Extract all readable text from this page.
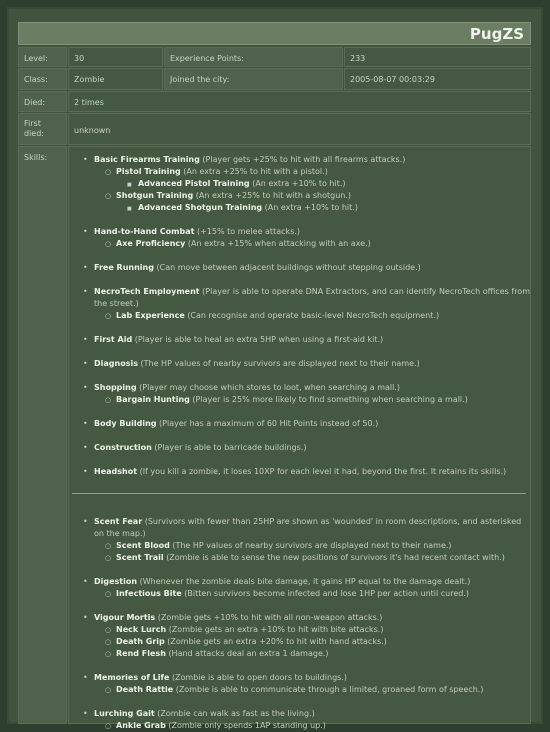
PugZS
Level:	30	Experience Points:	233
Class:	Zombie	Joined the city:	2005-08-07 00:03:29
Died:	2 times
First died:	unknown
Skills:
•	Basic Firearms Training (Player gets +25% to hit with all firearms attacks.)
○ Pistol Training (An extra +25% to hit with a pistol.)
■ Advanced Pistol Training (An extra +10% to hit.)
○ Shotgun Training (An extra +25% to hit with a shotgun.)
■ Advanced Shotgun Training (An extra +10% to hit.)
• Hand-to-Hand Combat (+15% to melee attacks.)
○ Axe Proficiency (An extra +15% when attacking with an axe.)
• Free Running (Can move between adjacent buildings without stepping outside.)
• NecroTech Employment (Player is able to operate DNA Extractors, and can identify NecroTech offices from the street.)
○ Lab Experience (Can recognise and operate basic-level NecroTech equipment.)
• First Aid (Player is able to heal an extra 5HP when using a first-aid kit.)
• Diagnosis (The HP values of nearby survivors are displayed next to their name.)
• Shopping (Player may choose which stores to loot, when searching a mall.)
○ Bargain Hunting (Player is 25% more likely to find something when searching a mall.)
• Body Building (Player has a maximum of 60 Hit Points instead of 50.)
• Construction (Player is able to barricade buildings.)
• Headshot (If you kill a zombie, it loses 10XP for each level it had, beyond the first. It retains its skills.)
• Scent Fear (Survivors with fewer than 25HP are shown as 'wounded' in room descriptions, and asterisked on the map.)
○ Scent Blood (The HP values of nearby survivors are displayed next to their name.)
○ Scent Trail (Zombie is able to sense the new positions of survivors it's had recent contact with.)
• Digestion (Whenever the zombie deals bite damage, it gains HP equal to the damage dealt.)
○ Infectious Bite (Bitten survivors become infected and lose 1HP per action until cured.)
• Vigour Mortis (Zombie gets +10% to hit with all non-weapon attacks.)
○ Neck Lurch (Zombie gets an extra +10% to hit with bite attacks.)
○ Death Grip (Zombie gets an extra +20% to hit with hand attacks.)
○ Rend Flesh (Hand attacks deal an extra 1 damage.)
• Memories of Life (Zombie is able to open doors to buildings.)
○ Death Rattle (Zombie is able to communicate through a limited, groaned form of speech.)
• Lurching Gait (Zombie can walk as fast as the living.)
○ Ankle Grab (Zombie only spends 1AP standing up.)
